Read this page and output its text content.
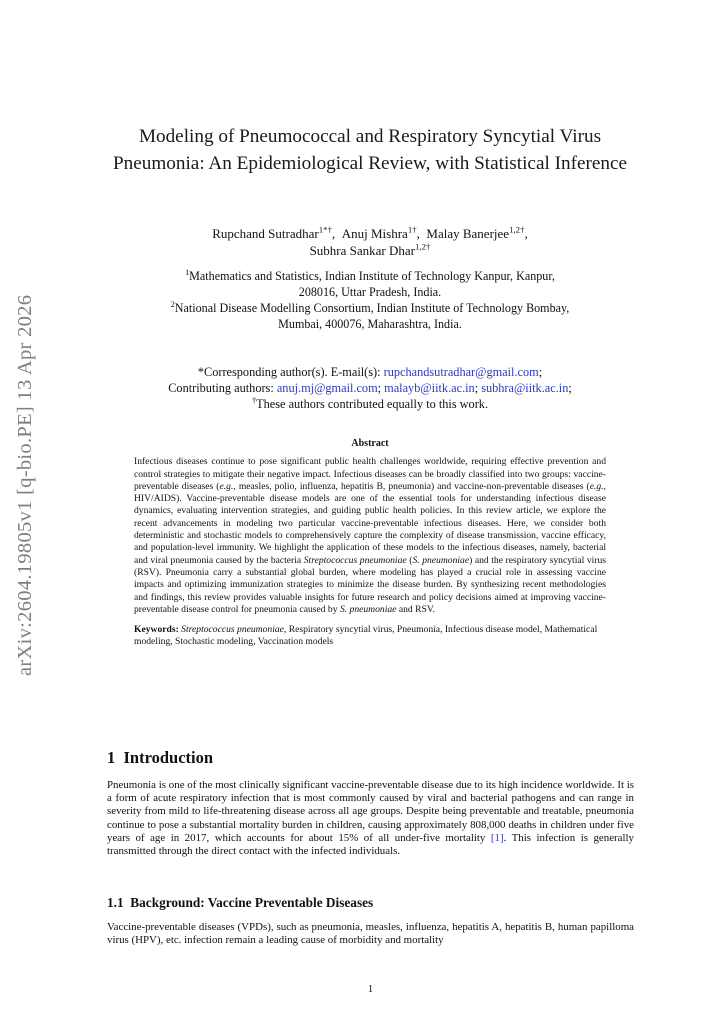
arXiv:2604.19805v1 [q-bio.PE] 13 Apr 2026
Modeling of Pneumococcal and Respiratory Syncytial Virus Pneumonia: An Epidemiological Review, with Statistical Inference
Rupchand Sutradhar$^{1*\dagger}$,  Anuj Mishra$^{1\dagger}$,  Malay Banerjee$^{1,2\dagger}$,
Subhra Sankar Dhar$^{1,2\dagger}$
$^1$Mathematics and Statistics, Indian Institute of Technology Kanpur, Kanpur,
208016, Uttar Pradesh, India.
$^2$National Disease Modelling Consortium, Indian Institute of Technology Bombay,
Mumbai, 400076, Maharashtra, India.
*Corresponding author(s). E-mail(s): rupchandsutradhar@gmail.com;
Contributing authors: anuj.mj@gmail.com; malayb@iitk.ac.in; subhra@iitk.ac.in;
†These authors contributed equally to this work.
Abstract
Infectious diseases continue to pose significant public health challenges worldwide, requiring effective prevention and control strategies to mitigate their negative impact. Infectious diseases can be broadly classified into two groups: vaccine-preventable diseases (e.g., measles, polio, influenza, hepatitis B, pneumonia) and vaccine-non-preventable diseases (e.g., HIV/AIDS). Vaccine-preventable disease models are one of the essential tools for understanding infectious disease dynamics, evaluating intervention strategies, and guiding public health policies. In this review article, we explore the recent advancements in modeling two particular vaccine-preventable infectious diseases. Here, we consider both deterministic and stochastic models to comprehensively capture the complexity of disease transmission, vaccine efficacy, and population-level immunity. We highlight the application of these models to the infectious diseases, namely, bacterial and viral pneumonia caused by the bacteria Streptococcus pneumoniae (S. pneumoniae) and the respiratory syncytial virus (RSV). Pneumonia carry a substantial global burden, where modeling has played a crucial role in assessing vaccine impacts and optimizing immunization strategies to minimize the disease burden. By synthesizing recent methodologies and findings, this review provides valuable insights for future research and policy decisions aimed at improving vaccine-preventable disease control for pneumonia caused by S. pneumoniae and RSV.
Keywords: Streptococcus pneumoniae, Respiratory syncytial virus, Pneumonia, Infectious disease model, Mathematical modeling, Stochastic modeling, Vaccination models
1 Introduction
Pneumonia is one of the most clinically significant vaccine-preventable disease due to its high incidence worldwide. It is a form of acute respiratory infection that is most commonly caused by viral and bacterial pathogens and can range in severity from mild to life-threatening disease across all age groups. Despite being preventable and treatable, pneumonia continue to pose a substantial mortality burden in children, causing approximately 808,000 deaths in children under five years of age in 2017, which accounts for about 15% of all under-five mortality [1]. This infection is generally transmitted through the direct contact with the infected individuals.
1.1 Background: Vaccine Preventable Diseases
Vaccine-preventable diseases (VPDs), such as pneumonia, measles, influenza, hepatitis A, hepatitis B, human papilloma virus (HPV), etc. infection remain a leading cause of morbidity and mortality
1
